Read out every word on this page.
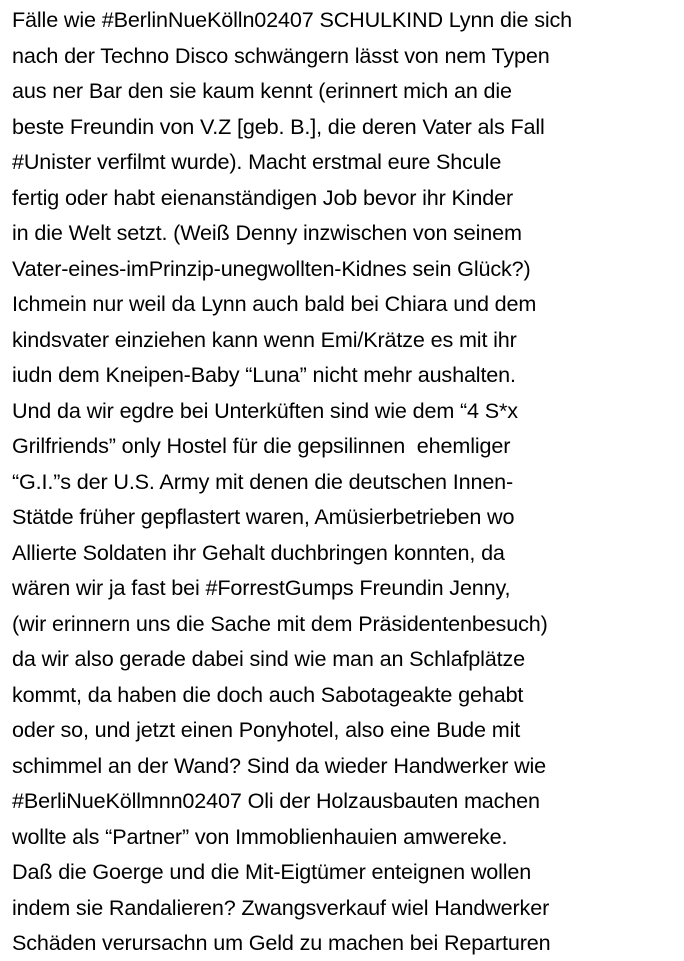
Fälle wie #BerlinNueKölln02407 SCHULKIND Lynn die sich
nach der Techno Disco schwängern lässt von nem Typen
aus ner Bar den sie kaum kennt (erinnert mich an die
beste Freundin von V.Z [geb. B.], die deren Vater als Fall
#Unister verfilmt wurde). Macht erstmal eure Shcule
fertig oder habt eienanständigen Job bevor ihr Kinder
in die Welt setzt. (Weiß Denny inzwischen von seinem
Vater-eines-imPrinzip-unegwollten-Kidnes sein Glück?)
Ichmein nur weil da Lynn auch bald bei Chiara und dem
kindsvater einziehen kann wenn Emi/Krätze es mit ihr
iudn dem Kneipen-Baby “Luna” nicht mehr aushalten.
Und da wir egdre bei Unterküften sind wie dem “4 S*x
Grilfriends” only Hostel für die gepsilinnen  ehemliger
“G.I.”s der U.S. Army mit denen die deutschen Innen-
Stätde früher gepflastert waren, Amüsierbetrieben wo
Allierte Soldaten ihr Gehalt duchbringen konnten, da
wären wir ja fast bei #ForrestGumps Freundin Jenny,
(wir erinnern uns die Sache mit dem Präsidentenbesuch)
da wir also gerade dabei sind wie man an Schlafplätze
kommt, da haben die doch auch Sabotageakte gehabt
oder so, und jetzt einen Ponyhotel, also eine Bude mit
schimmel an der Wand? Sind da wieder Handwerker wie
#BerliNueKöllmnn02407 Oli der Holzausbauten machen
wollte als “Partner” von Immoblienhauien amwereke.
Daß die Goerge und die Mit-Eigtümer enteignen wollen
indem sie Randalieren? Zwangsverkauf wiel Handwerker
Schäden verursachn um Geld zu machen bei Reparturen
